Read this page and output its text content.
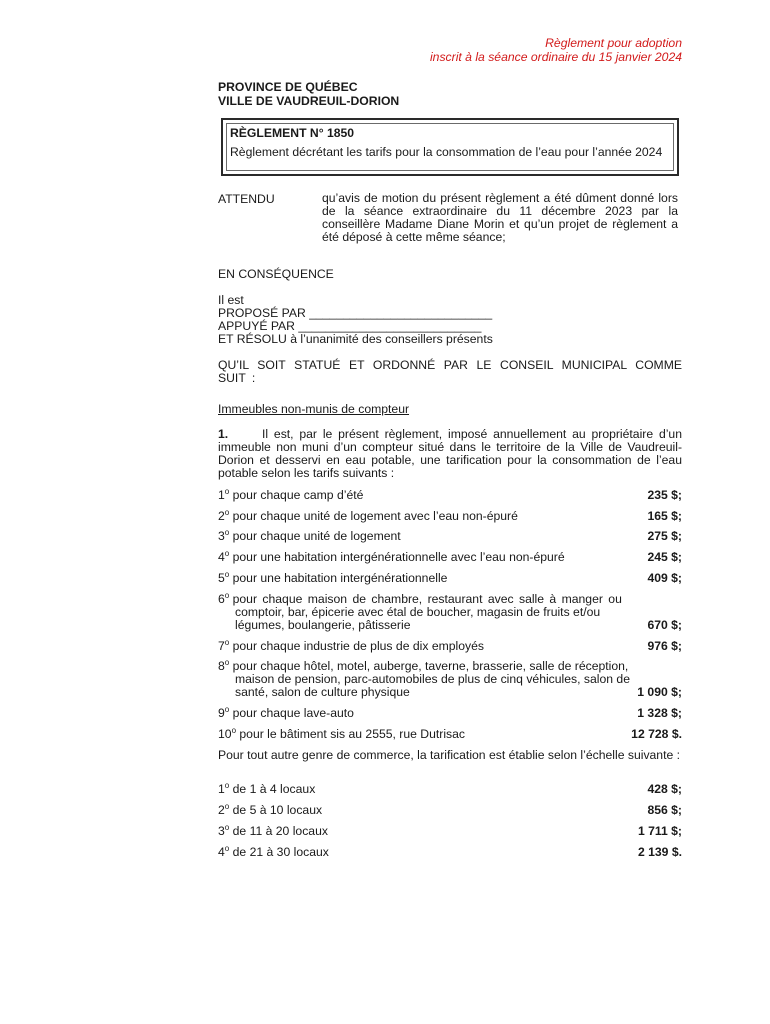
Règlement pour adoption
inscrit à la séance ordinaire du 15 janvier 2024
PROVINCE DE QUÉBEC
VILLE DE VAUDREUIL-DORION
RÈGLEMENT N° 1850
Règlement décrétant les tarifs pour la consommation de l’eau pour l’année 2024
ATTENDU	qu’avis de motion du présent règlement a été dûment donné lors de la séance extraordinaire du 11 décembre 2023 par la conseillère Madame Diane Morin et qu’un projet de règlement a été déposé à cette même séance;
EN CONSÉQUENCE
Il est
PROPOSÉ PAR ___________________________
APPUYÉ PAR ___________________________
ET RÉSOLU à l’unanimité des conseillers présents
QU’IL SOIT STATUÉ ET ORDONNÉ PAR LE CONSEIL MUNICIPAL COMME SUIT :
Immeubles non-munis de compteur
1.	Il est, par le présent règlement, imposé annuellement au propriétaire d’un immeuble non muni d’un compteur situé dans le territoire de la Ville de Vaudreuil-Dorion et desservi en eau potable, une tarification pour la consommation de l’eau potable selon les tarifs suivants :
1$^o$ pour chaque camp d’été	235 $;
2$^o$ pour chaque unité de logement avec l’eau non-épuré	165 $;
3$^o$ pour chaque unité de logement	275 $;
4$^o$ pour une habitation intergénérationnelle avec l’eau non-épuré	245 $;
5$^o$ pour une habitation intergénérationnelle	409 $;
6$^o$ pour chaque maison de chambre, restaurant avec salle à manger ou
comptoir, bar, épicerie avec étal de boucher, magasin de fruits et/ou
légumes, boulangerie, pâtisserie	670 $;
7$^o$ pour chaque industrie de plus de dix employés	976 $;
8$^o$ pour chaque hôtel, motel, auberge, taverne, brasserie, salle de réception,
maison de pension, parc-automobiles de plus de cinq véhicules, salon de
santé, salon de culture physique	1 090 $;
9$^o$ pour chaque lave-auto	1 328 $;
10$^o$ pour le bâtiment sis au 2555, rue Dutrisac	12 728 $.
Pour tout autre genre de commerce, la tarification est établie selon l’échelle suivante :
1$^o$ de 1 à 4 locaux	428 $;
2$^o$ de 5 à 10 locaux	856 $;
3$^o$ de 11 à 20 locaux	1 711 $;
4$^o$ de 21 à 30 locaux	2 139 $.
